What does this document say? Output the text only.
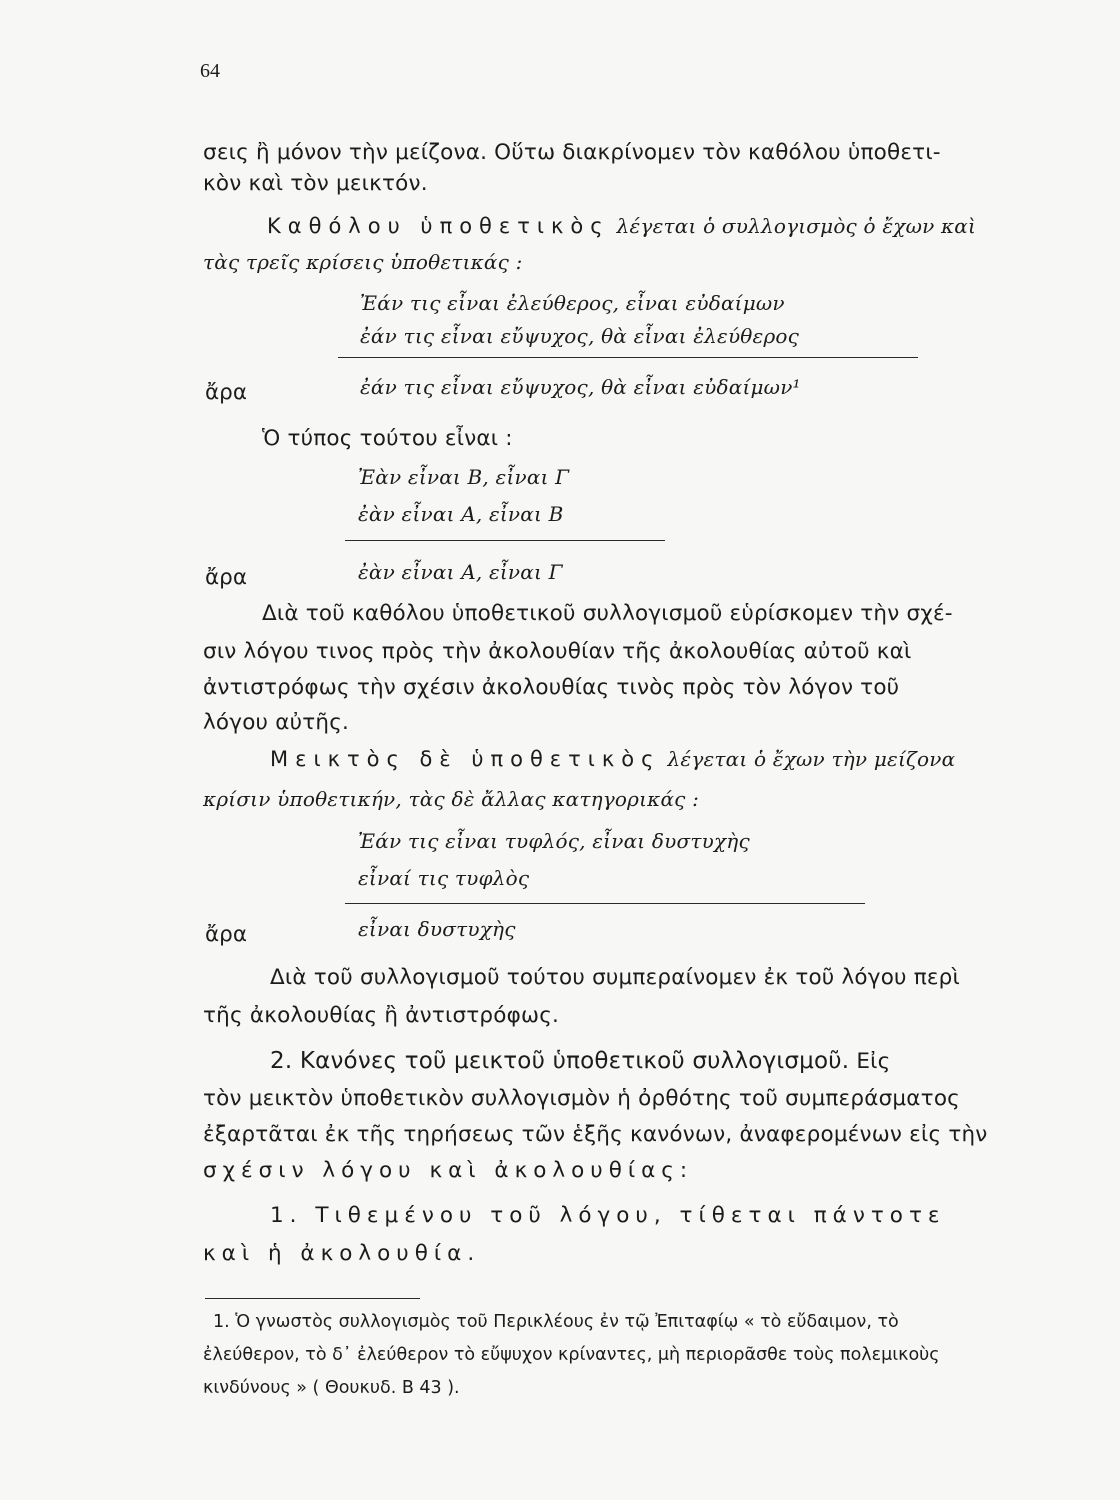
64
σεις ἢ μόνον τὴν μείζονα. Οὕτω διακρίνομεν τὸν καθόλου ὑποθετι-
κὸν καὶ τὸν μεικτόν.
Καθόλου ὑποθετικὸς λέγεται ὁ συλλογισμὸς ὁ ἔχων καὶ
τὰς τρεῖς κρίσεις ὑποθετικάς :
Ἐάν τις εἶναι ἐλεύθερος, εἶναι εὐδαίμων
ἐάν τις εἶναι εὔψυχος, θὰ εἶναι ἐλεύθερος
ἄρα	ἐάν τις εἶναι εὔψυχος, θὰ εἶναι εὐδαίμων¹
Ὁ τύπος τούτου εἶναι :
Ἐὰν εἶναι Β, εἶναι Γ
ἐὰν εἶναι Α, εἶναι Β
ἄρα	ἐὰν εἶναι Α, εἶναι Γ
Διὰ τοῦ καθόλου ὑποθετικοῦ συλλογισμοῦ εὑρίσκομεν τὴν σχέ-
σιν λόγου τινος πρὸς τὴν ἀκολουθίαν τῆς ἀκολουθίας αὐτοῦ καὶ
ἀντιστρόφως τὴν σχέσιν ἀκολουθίας τινὸς πρὸς τὸν λόγον τοῦ
λόγου αὐτῆς.
Μεικτὸς δὲ ὑποθετικὸς λέγεται ὁ ἔχων τὴν μείζονα
κρίσιν ὑποθετικήν, τὰς δὲ ἄλλας κατηγορικάς :
Ἐάν τις εἶναι τυφλός, εἶναι δυστυχὴς
εἶναί τις τυφλὸς
ἄρα	εἶναι δυστυχὴς
Διὰ τοῦ συλλογισμοῦ τούτου συμπεραίνομεν ἐκ τοῦ λόγου περὶ
τῆς ἀκολουθίας ἢ ἀντιστρόφως.
2. Κανόνες τοῦ μεικτοῦ ὑποθετικοῦ συλλογισμοῦ. Εἰς
τὸν μεικτὸν ὑποθετικὸν συλλογισμὸν ἡ ὀρθότης τοῦ συμπεράσματος
ἐξαρτᾶται ἐκ τῆς τηρήσεως τῶν ἑξῆς κανόνων, ἀναφερομένων εἰς τὴν
σχέσιν λόγου καὶ ἀκολουθίας:
1. Τιθεμένου τοῦ λόγου, τίθεται πάντοτε
καὶ ἡ ἀκολουθία.
1. Ὁ γνωστὸς συλλογισμὸς τοῦ Περικλέους ἐν τῷ Ἐπιταφίῳ « τὸ εὔδαιμον, τὸ
ἐλεύθερον, τὸ δ᾽ ἐλεύθερον τὸ εὔψυχον κρίναντες, μὴ περιορᾶσθε τοὺς πολεμικοὺς
κινδύνους » ( Θουκυδ. Β 43 ).
